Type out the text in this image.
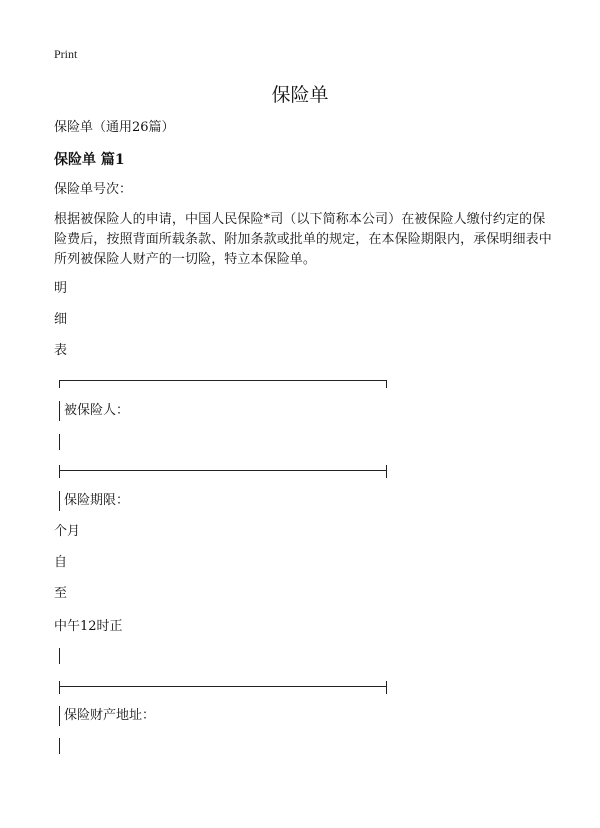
Print
保险单

保险单（通用26篇）

保险单 篇1

保险单号次：

根据被保险人的申请，中国人民保险*司（以下简称本公司）在被保险人缴付约定的保险费后，按照背面所载条款、附加条款或批单的规定，在本保险期限内，承保明细表中所列被保险人财产的一切险，特立本保险单。

明
细
表
被保险人：
保险期限：
个月
自
至
中午12时正
保险财产地址：
